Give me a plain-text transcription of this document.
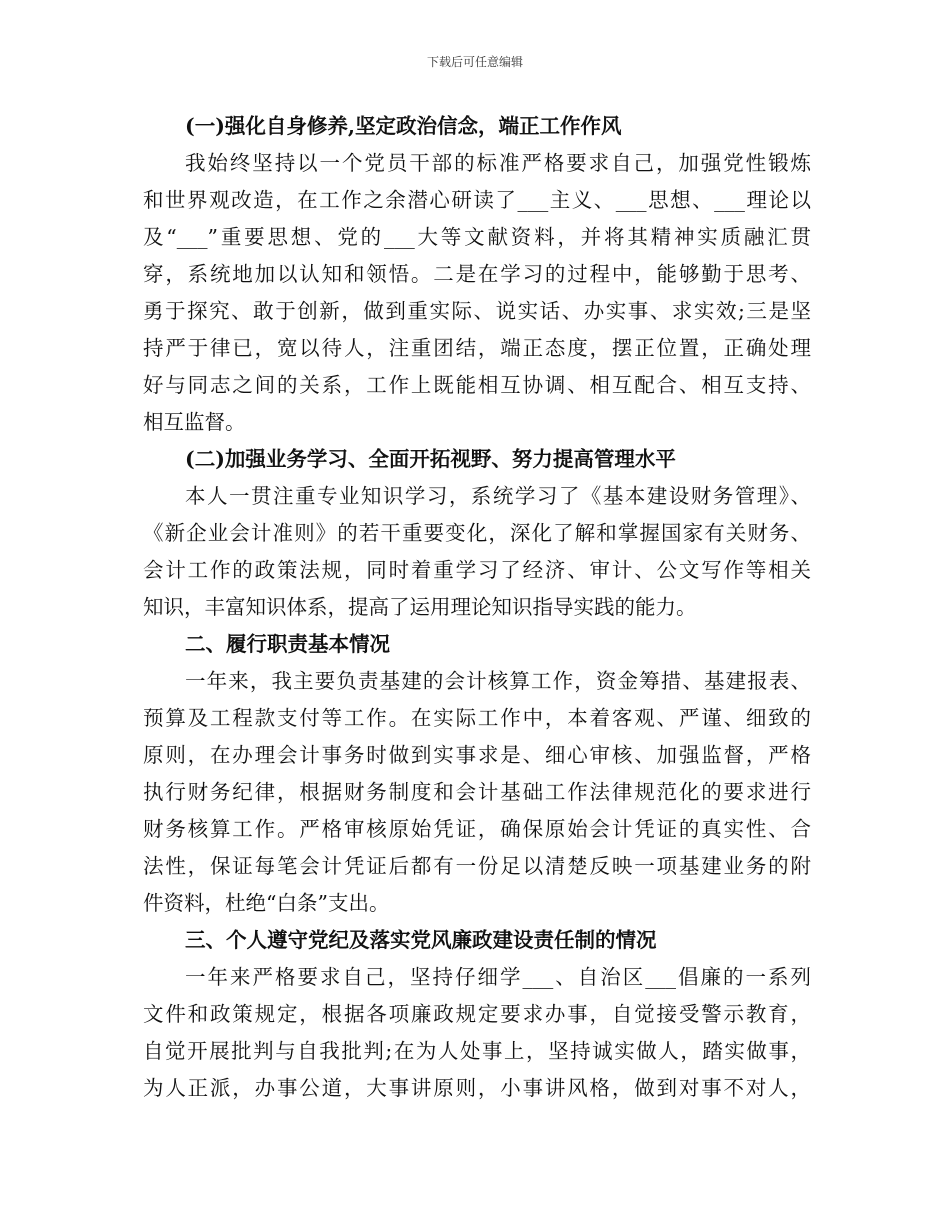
下载后可任意编辑
(一)强化自身修养,坚定政治信念，端正工作作风
我始终坚持以一个党员干部的标准严格要求自己，加强党性锻炼
和世界观改造，在工作之余潜心研读了___主义、___思想、___理论以
及“___”重要思想、党的___大等文献资料，并将其精神实质融汇贯
穿，系统地加以认知和领悟。二是在学习的过程中，能够勤于思考、
勇于探究、敢于创新，做到重实际、说实话、办实事、求实效;三是坚
持严于律已，宽以待人，注重团结，端正态度，摆正位置，正确处理
好与同志之间的关系，工作上既能相互协调、相互配合、相互支持、
相互监督。
(二)加强业务学习、全面开拓视野、努力提高管理水平
本人一贯注重专业知识学习，系统学习了《基本建设财务管理》、
《新企业会计准则》的若干重要变化，深化了解和掌握国家有关财务、
会计工作的政策法规，同时着重学习了经济、审计、公文写作等相关
知识，丰富知识体系，提高了运用理论知识指导实践的能力。
二、履行职责基本情况
一年来，我主要负责基建的会计核算工作，资金筹措、基建报表、
预算及工程款支付等工作。在实际工作中，本着客观、严谨、细致的
原则，在办理会计事务时做到实事求是、细心审核、加强监督，严格
执行财务纪律，根据财务制度和会计基础工作法律规范化的要求进行
财务核算工作。严格审核原始凭证，确保原始会计凭证的真实性、合
法性，保证每笔会计凭证后都有一份足以清楚反映一项基建业务的附
件资料，杜绝“白条”支出。
三、个人遵守党纪及落实党风廉政建设责任制的情况
一年来严格要求自己，坚持仔细学___、自治区___倡廉的一系列
文件和政策规定，根据各项廉政规定要求办事，自觉接受警示教育，
自觉开展批判与自我批判;在为人处事上，坚持诚实做人，踏实做事，
为人正派，办事公道，大事讲原则，小事讲风格，做到对事不对人，
